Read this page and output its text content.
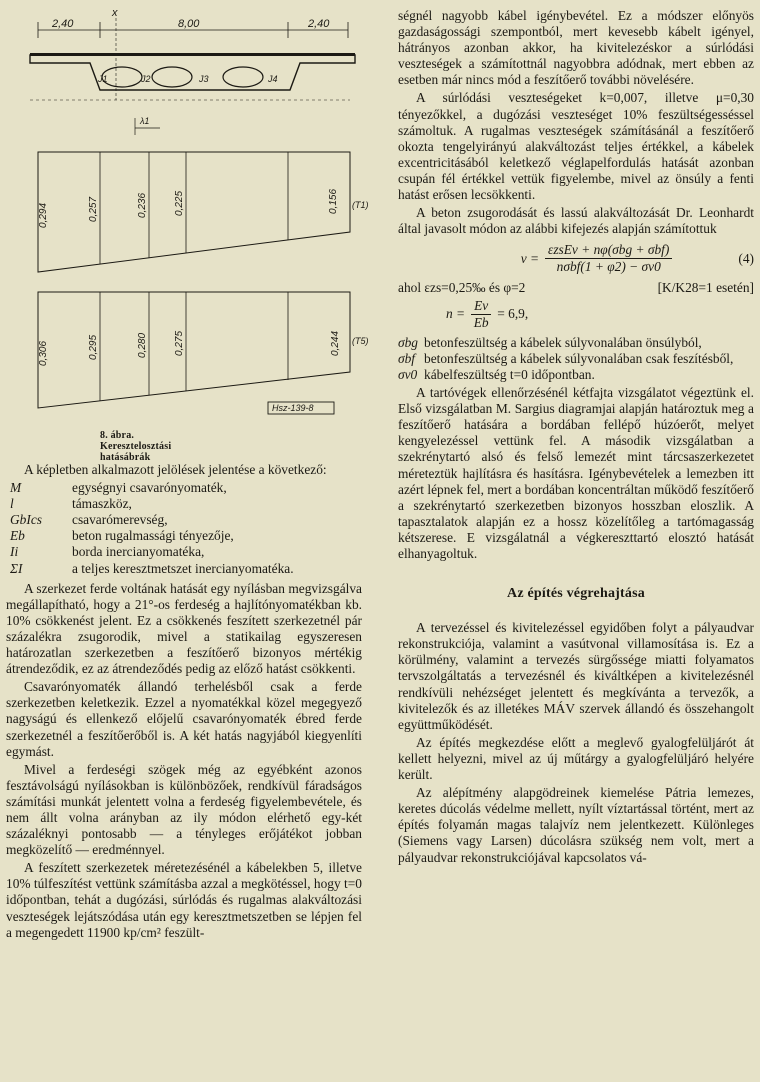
2,40	8,00	2,40
x
J1	J2	J3	J4
λ1
0,294	0,257	0,236	0,225	0,156 (T1)
0,306	0,295	0,280	0,275	0,244 (T5)
Hsz-139-8
8. ábra. Keresztelosztási hatásábrák

A képletben alkalmazott jelölések jelentése a következő:

M	egységnyi csavarónyomaték,
l	támaszköz,
GbIcs	csavarómerevség,
Eb	beton rugalmassági tényezője,
Ii	borda inercianyomatéka,
ΣI	a teljes keresztmetszet inercianyomatéka.

A szerkezet ferde voltának hatását egy nyílásban megvizsgálva megállapítható, hogy a 21°-os ferdeség a hajlítónyomatékban kb. 10% csökkenést jelent. Ez a csökkenés feszített szerkezetnél pár százalékra zsugorodik, mivel a statikailag egyszeresen határozatlan szerkezetben a feszítőerő bizonyos mértékig átrendeződik, ez az átrendeződés pedig az előző hatást csökkenti.

Csavarónyomaték állandó terhelésből csak a ferde szerkezetben keletkezik. Ezzel a nyomatékkal közel megegyező nagyságú és ellenkező előjelű csavarónyomaték ébred ferde szerkezetnél a feszítőerőből is. A két hatás nagyjából kiegyenlíti egymást.

Mivel a ferdeségi szögek még az egyébként azonos fesztávolságú nyílásokban is különbözőek, rendkívül fáradságos számítási munkát jelentett volna a ferdeség figyelembevétele, és nem állt volna arányban az ily módon elérhető egy-két százaléknyi pontosabb — a tényleges erőjátékot jobban megközelítő — eredménnyel.

A feszített szerkezetek méretezésénél a kábelekben 5, illetve 10% túlfeszítést vettünk számításba azzal a megkötéssel, hogy t=0 időpontban, tehát a dugózási, súrlódás és rugalmas alakváltozási veszteségek lejátszódása után egy keresztmetszetben se lépjen fel a megengedett 11900 kp/cm² feszült-

ségnél nagyobb kábel igénybevétel. Ez a módszer előnyös gazdaságossági szempontból, mert kevesebb kábelt igényel, hátrányos azonban akkor, ha kivitelezéskor a súrlódási veszteségek a számítottnál nagyobbra adódnak, mert ebben az esetben már nincs mód a feszítőerő további növelésére.

A súrlódási veszteségeket k=0,007, illetve μ=0,30 tényezőkkel, a dugózási veszteséget 10% feszültségesséssel számoltuk. A rugalmas veszteségek számításánál a feszítőerő okozta tengelyirányú alakváltozást teljes értékkel, a kábelek excentricitásából keletkező véglapelfordulás hatását azonban csupán fél értékkel vettük figyelembe, mivel az önsúly a fenti hatást erősen lecsökkenti.

A beton zsugorodását és lassú alakváltozását Dr. Leonhardt által javasolt módon az alábbi kifejezés alapján számítottuk

$\nu = \frac{\text{εzsEv + nφ(σbg + σbf)}}{\text{nσbf(1 + φ2) − σv0}}$	(4)
ahol εzs=0,25‰ és φ=2	[K/K28=1 esetén]
$n = \frac{Ev}{Eb} = 6,9$,
σbg betonfeszültség a kábelek súlyvonalában önsúlyból,
σbf betonfeszültség a kábelek súlyvonalában csak feszítésből,
σv0 kábelfeszültség t=0 időpontban.

A tartóvégek ellenőrzésénél kétfajta vizsgálatot végeztünk el. Első vizsgálatban M. Sargius diagramjai alapján határoztuk meg a feszítőerő hatására a bordában fellépő húzóerőt, melyet kengyelezéssel vettünk fel. A második vizsgálatban a szekrénytartó alsó és felső lemezét mint tárcsaszerkezetet méreteztük hajlításra és hasításra. Igénybevételek a lemezben itt azért lépnek fel, mert a bordában koncentráltan működő feszítőerő a szekrénytartó szerkezetben bizonyos hosszban eloszlik. A tapasztalatok alapján ez a hossz közelítőleg a tartómagasság kétszerese. E vizsgálatnál a végkereszttartó elosztó hatását elhanyagoltuk.

Az építés végrehajtása

A tervezéssel és kivitelezéssel egyidőben folyt a pályaudvar rekonstrukciója, valamint a vasútvonal villamosítása is. Ez a körülmény, valamint a tervezés sürgőssége miatti folyamatos tervszolgáltatás a tervezésnél és kiváltképen a kivitelezésnél rendkívüli nehézséget jelentett és megkívánta a tervezők, a kivitelezők és az illetékes MÁV szervek állandó és összehangolt együttműködését.

Az építés megkezdése előtt a meglevő gyalogfelüljárót át kellett helyezni, mivel az új műtárgy a gyalogfelüljáró helyére került.

Az alépítmény alapgödreinek kiemelése Pátria lemezes, keretes dúcolás védelme mellett, nyílt víztartással történt, mert az építés folyamán magas talajvíz nem jelentkezett. Különleges (Siemens vagy Larsen) dúcolásra szükség nem volt, mert a pályaudvar rekonstrukciójával kapcsolatos vá-
